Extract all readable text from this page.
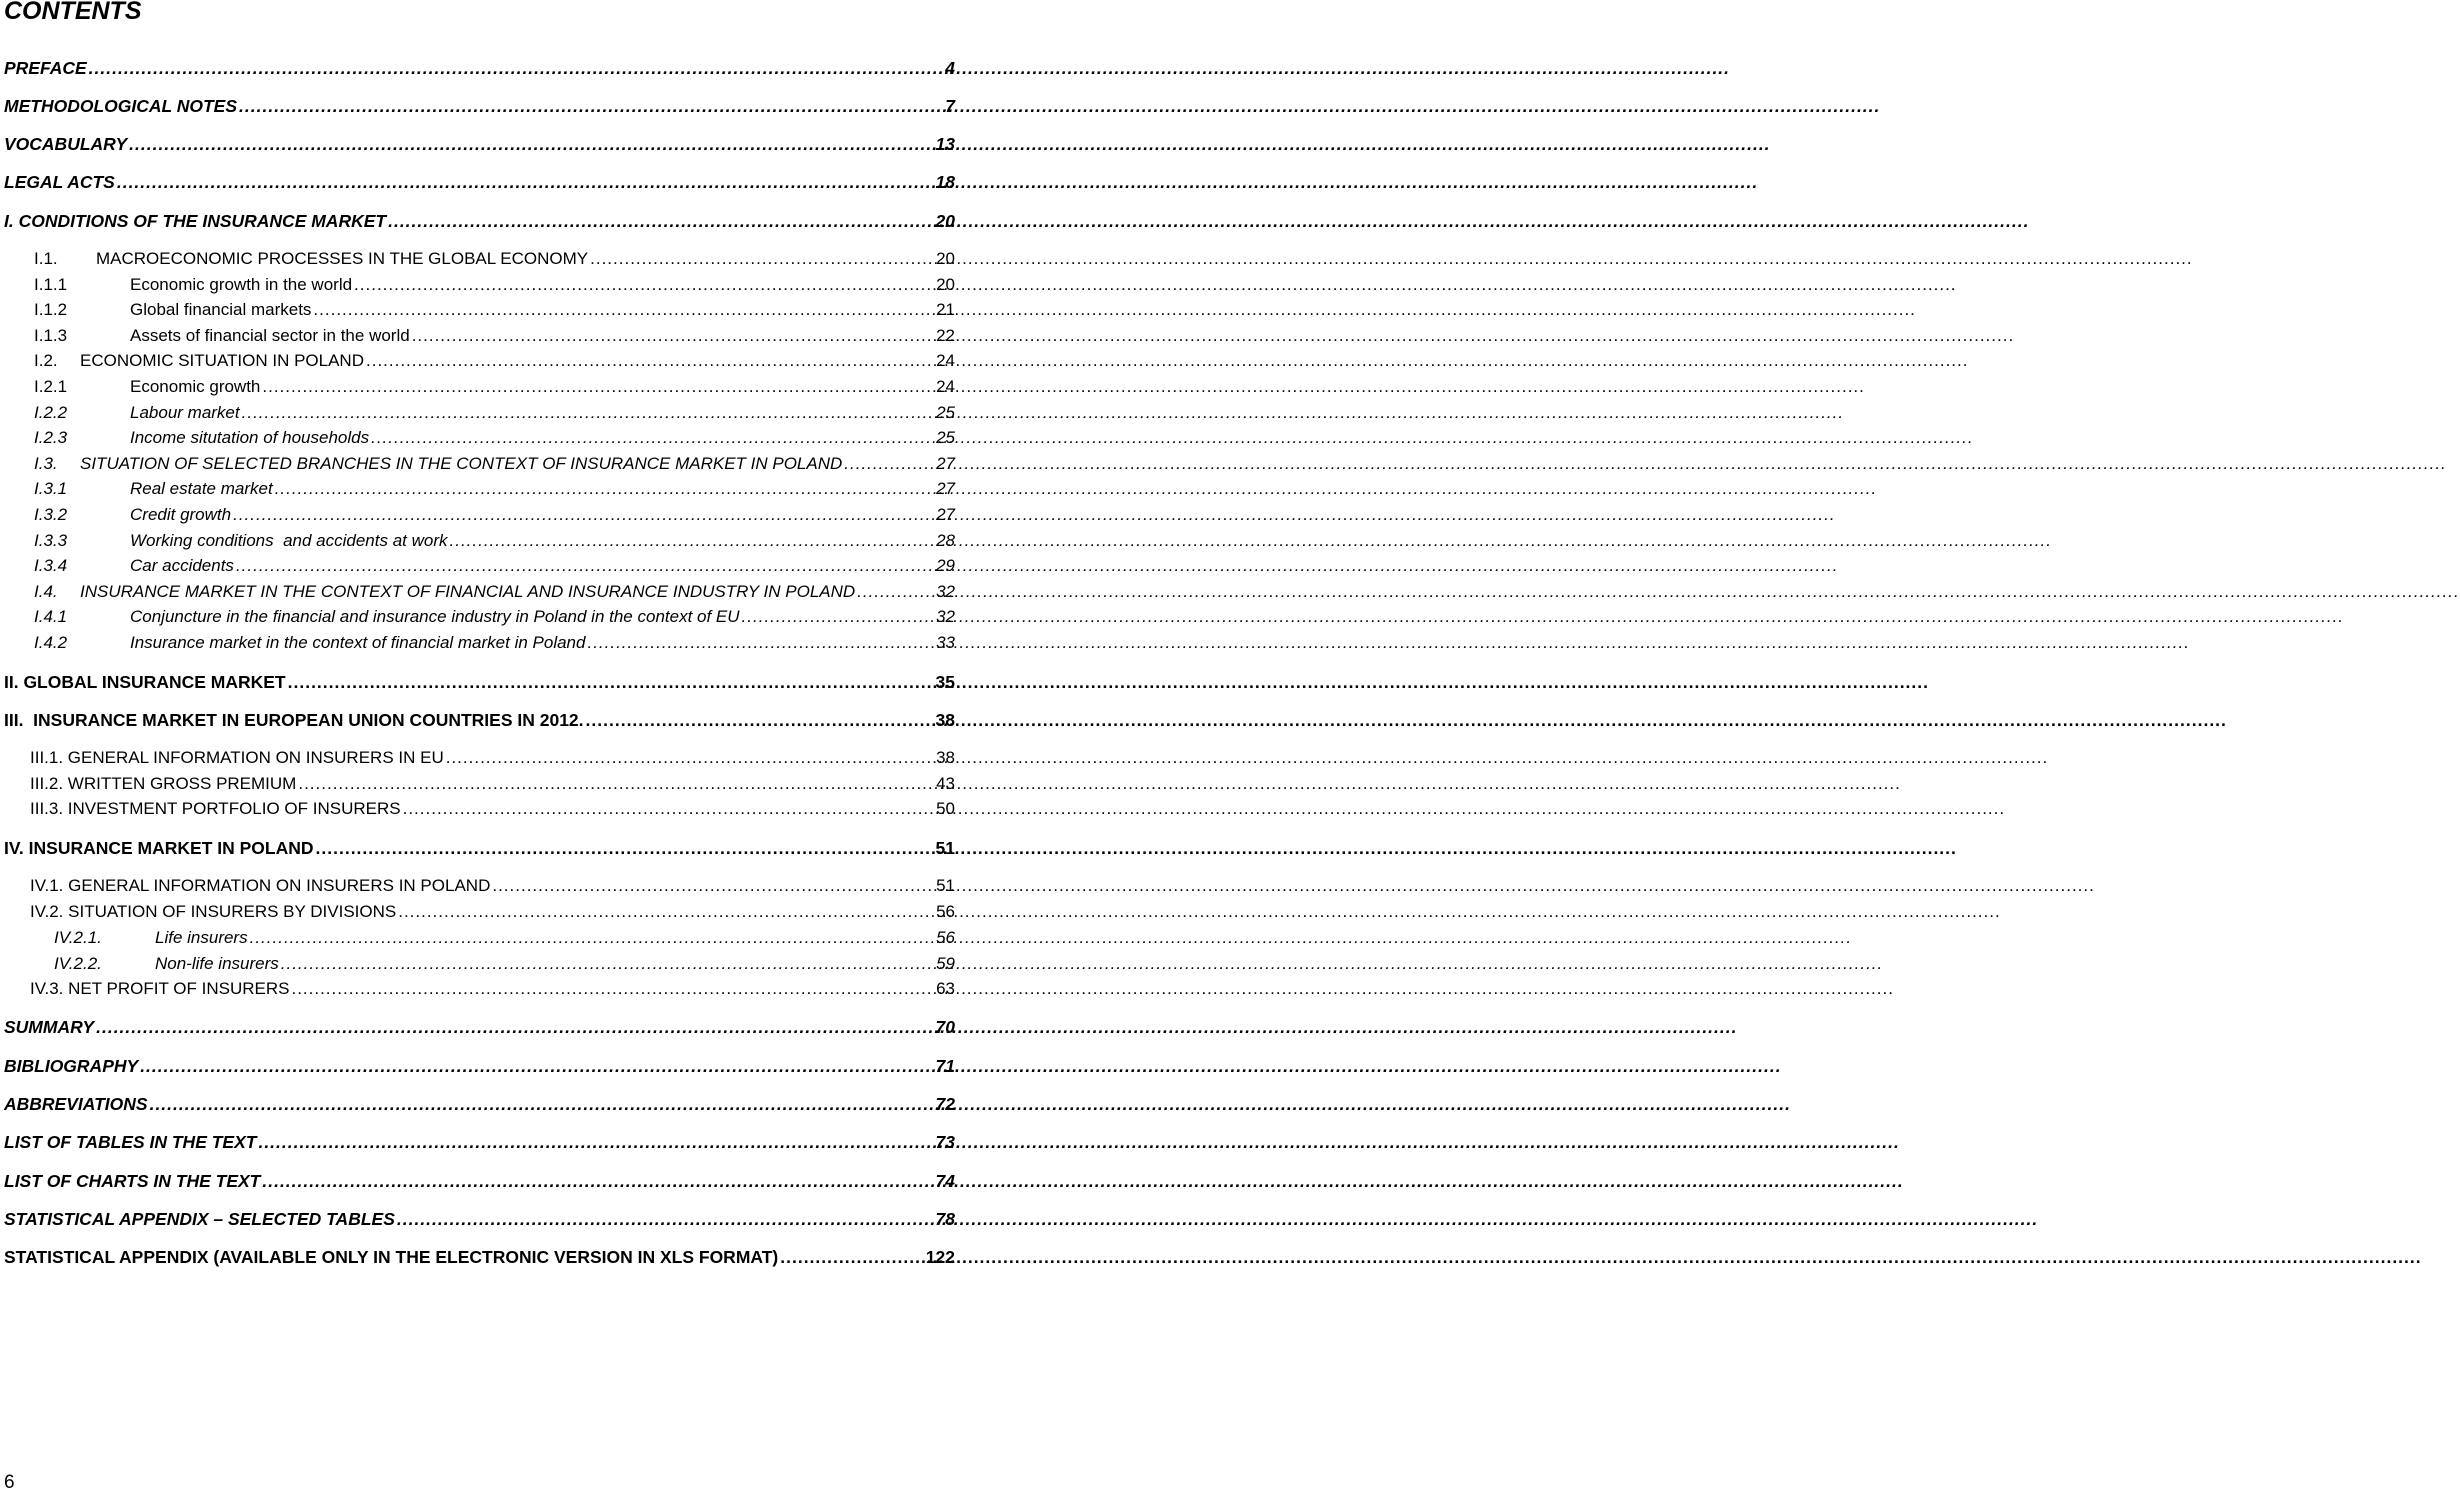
CONTENTS
PREFACE .....	4
METHODOLOGICAL NOTES .....	7
VOCABULARY .....	13
LEGAL ACTS .....	18
I. CONDITIONS OF THE INSURANCE MARKET .....	20
I.1.	MACROECONOMIC PROCESSES IN THE GLOBAL ECONOMY .....	20
I.1.1	Economic growth in the world .....	20
I.1.2	Global financial markets .....	21
I.1.3	Assets of financial sector in the world .....	22
I.2.	ECONOMIC SITUATION IN POLAND .....	24
I.2.1	Economic growth .....	24
I.2.2	Labour market .....	25
I.2.3	Income situtation of households .....	25
I.3.	SITUATION OF SELECTED BRANCHES IN THE CONTEXT OF INSURANCE MARKET IN POLAND .....	27
I.3.1	Real estate market .....	27
I.3.2	Credit growth .....	27
I.3.3	Working conditions  and accidents at work .....	28
I.3.4	Car accidents .....	29
I.4.	INSURANCE MARKET IN THE CONTEXT OF FINANCIAL AND INSURANCE INDUSTRY IN POLAND .....	32
I.4.1	Conjuncture in the financial and insurance industry in Poland in the context of EU .....	32
I.4.2	Insurance market in the context of financial market in Poland .....	33
II. GLOBAL INSURANCE MARKET .....	35
III.  INSURANCE MARKET IN EUROPEAN UNION COUNTRIES IN 2012. .....	38
III.1. GENERAL INFORMATION ON INSURERS IN EU .....	38
III.2. WRITTEN GROSS PREMIUM .....	43
III.3. INVESTMENT PORTFOLIO OF INSURERS .....	50
IV. INSURANCE MARKET IN POLAND .....	51
IV.1. GENERAL INFORMATION ON INSURERS IN POLAND .....	51
IV.2. SITUATION OF INSURERS BY DIVISIONS .....	56
IV.2.1.	Life insurers .....	56
IV.2.2.	Non-life insurers .....	59
IV.3. NET PROFIT OF INSURERS .....	63
SUMMARY .....	70
BIBLIOGRAPHY .....	71
ABBREVIATIONS .....	72
LIST OF TABLES IN THE TEXT .....	73
LIST OF CHARTS IN THE TEXT .....	74
STATISTICAL APPENDIX – SELECTED TABLES .....	78
STATISTICAL APPENDIX (AVAILABLE ONLY IN THE ELECTRONIC VERSION IN XLS FORMAT) .....	122

6
